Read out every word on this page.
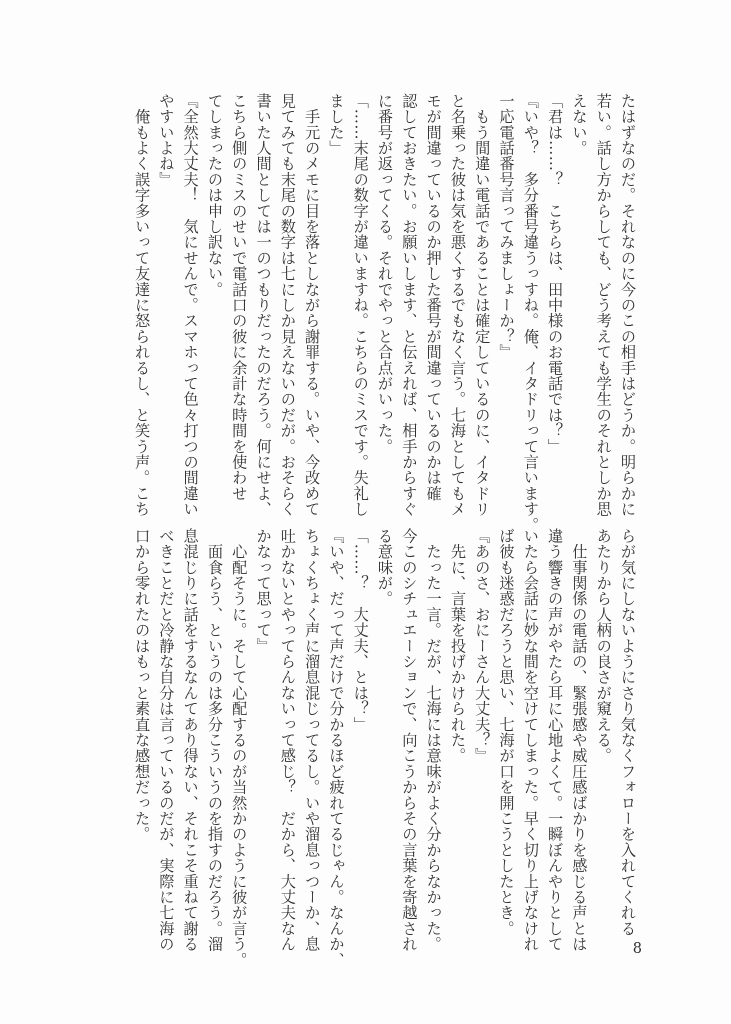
たはずなのだ。それなのに今のこの相手はどうか。明らかに
若い。話し方からしても、どう考えても学生のそれとしか思
えない。
「君は……？　こちらは、田中様のお電話では？」
『いや？　多分番号違うっすね。俺、イタドリって言います。
一応電話番号言ってみましょーか？』
　もう間違い電話であることは確定しているのに、イタドリ
と名乗った彼は気を悪くするでもなく言う。七海としてもメ
モが間違っているのか押した番号が間違っているのかは確
認しておきたい。お願いします、と伝えれば、相手からすぐ
に番号が返ってくる。それでやっと合点がいった。
「……末尾の数字が違いますね。こちらのミスです。失礼し
ました」
　手元のメモに目を落としながら謝罪する。いや、今改めて
見てみても末尾の数字は七にしか見えないのだが。おそらく
書いた人間としては一のつもりだったのだろう。何にせよ、
こちら側のミスのせいで電話口の彼に余計な時間を使わせ
てしまったのは申し訳ない。
『全然大丈夫！　気にせんで。スマホって色々打つの間違い
やすいよね』
　俺もよく誤字多いって友達に怒られるし、と笑う声。こち
らが気にしないようにさり気なくフォローを入れてくれる
あたりから人柄の良さが窺える。
　仕事関係の電話の、緊張感や威圧感ばかりを感じる声とは
違う響きの声がやたら耳に心地よくて。一瞬ぼんやりとして
いたら会話に妙な間を空けてしまった。早く切り上げなけれ
ば彼も迷惑だろうと思い、七海が口を開こうとしたとき。
『あのさ、おにーさん大丈夫？』
　先に、言葉を投げかけられた。
　たった一言。だが、七海には意味がよく分からなかった。
今このシチュエーションで、向こうからその言葉を寄越され
る意味が。
「……？　大丈夫、とは？」
『いや、だって声だけで分かるほど疲れてるじゃん。なんか、
ちょくちょく声に溜息混じってるし。いや溜息っつーか、息
吐かないとやってらんないって感じ？　だから、大丈夫なん
かなって思って』
　心配そうに。そして心配するのが当然かのように彼が言う。
　面食らう、というのは多分こういうのを指すのだろう。溜
息混じりに話をするなんてあり得ない、それこそ重ねて謝る
べきことだと冷静な自分は言っているのだが、実際に七海の
口から零れたのはもっと素直な感想だった。
8
